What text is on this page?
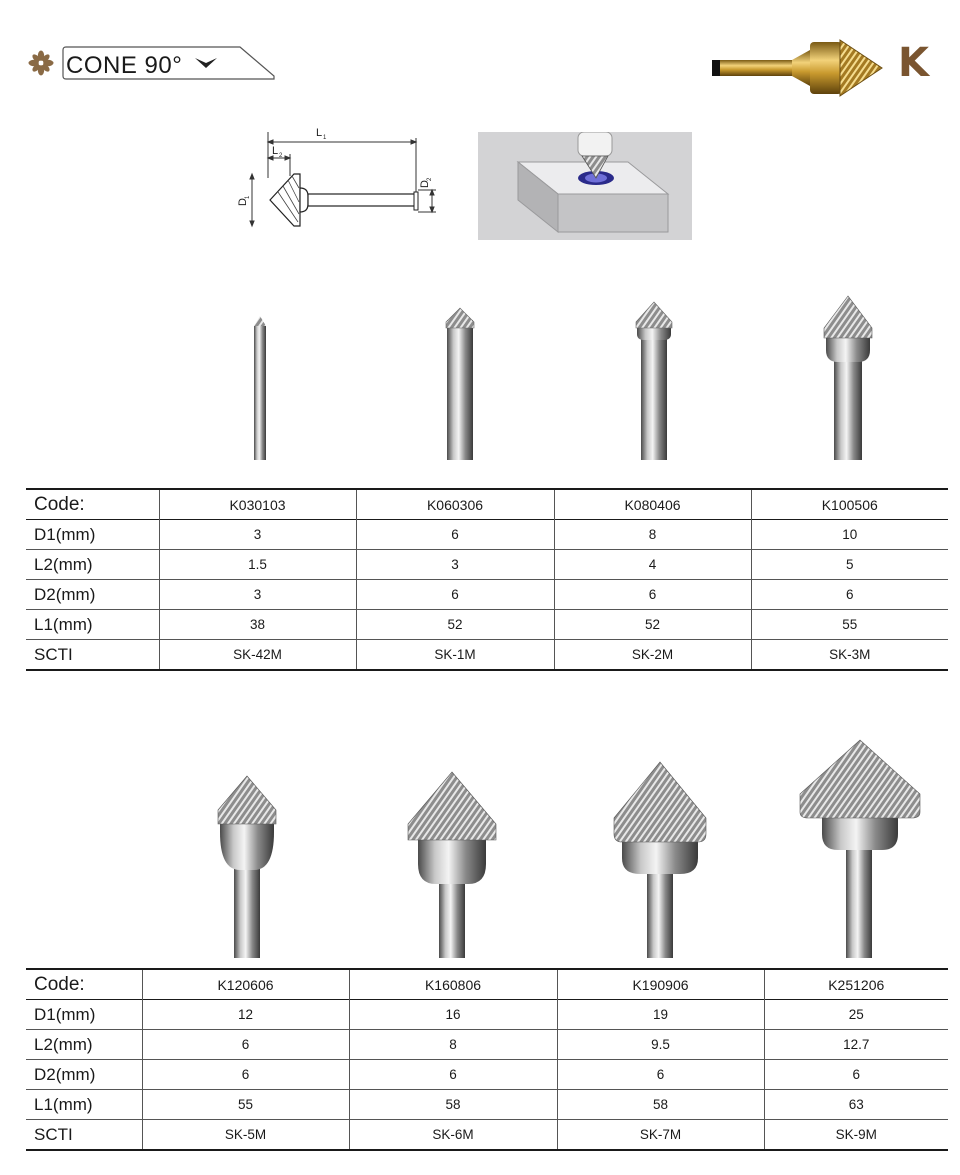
CONE 90°	K
L 1
L 2
D
1
D
2
Code:	K030103	K060306	K080406	K100506
D1(mm)	3	6	8	10
L2(mm)	1.5	3	4	5
D2(mm)	3	6	6	6
L1(mm)	38	52	52	55
SCTI	SK-42M	SK-1M	SK-2M	SK-3M
Code:	K120606	K160806	K190906	K251206
D1(mm)	12	16	19	25
L2(mm)	6	8	9.5	12.7
D2(mm)	6	6	6	6
L1(mm)	55	58	58	63
SCTI	SK-5M	SK-6M	SK-7M	SK-9M
